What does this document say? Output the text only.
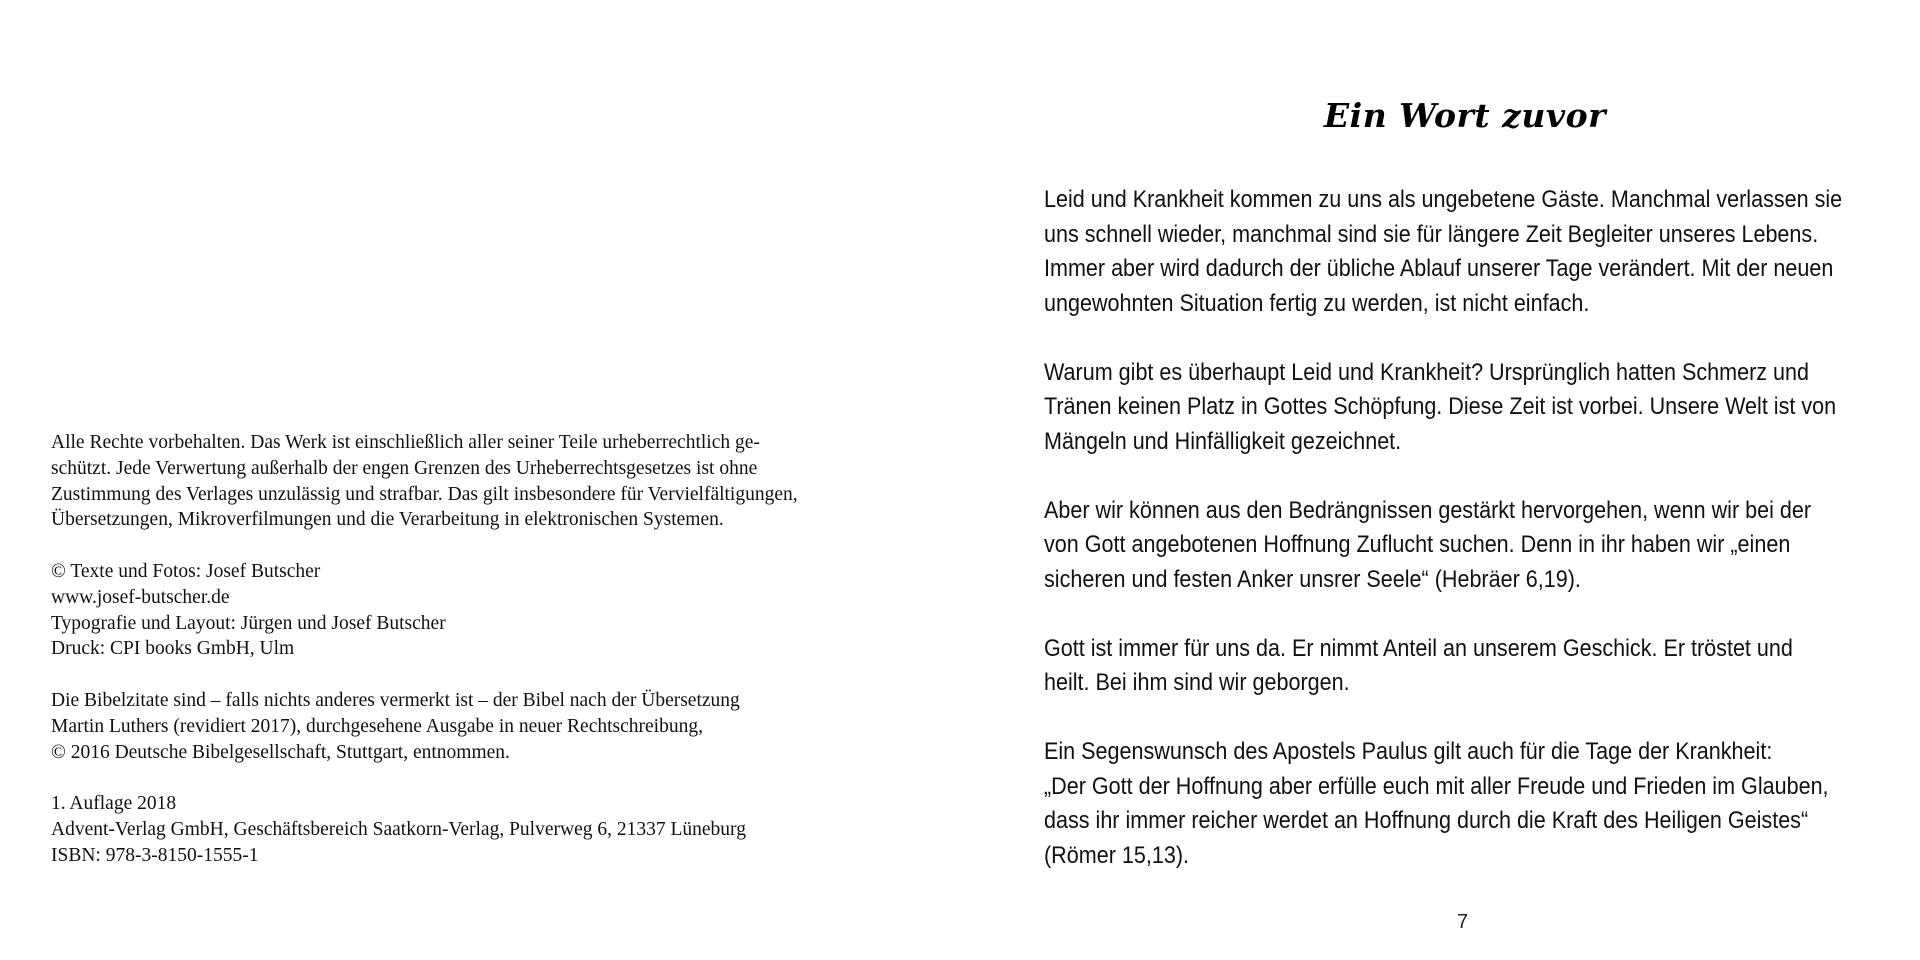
Alle Rechte vorbehalten. Das Werk ist einschließlich aller seiner Teile urheberrechtlich ge-
schützt. Jede Verwertung außerhalb der engen Grenzen des Urheberrechtsgesetzes ist ohne
Zustimmung des Verlages unzulässig und strafbar. Das gilt insbesondere für Vervielfältigungen,
Übersetzungen, Mikroverfilmungen und die Verarbeitung in elektronischen Systemen.

© Texte und Fotos: Josef Butscher
www.josef-butscher.de
Typografie und Layout: Jürgen und Josef Butscher
Druck: CPI books GmbH, Ulm

Die Bibelzitate sind – falls nichts anderes vermerkt ist – der Bibel nach der Übersetzung
Martin Luthers (revidiert 2017), durchgesehene Ausgabe in neuer Rechtschreibung,
© 2016 Deutsche Bibelgesellschaft, Stuttgart, entnommen.

1. Auflage 2018
Advent-Verlag GmbH, Geschäftsbereich Saatkorn-Verlag, Pulverweg 6, 21337 Lüneburg
ISBN: 978-3-8150-1555-1

Ein Wort zuvor

Leid und Krankheit kommen zu uns als ungebetene Gäste. Manchmal verlassen sie
uns schnell wieder, manchmal sind sie für längere Zeit Begleiter unseres Lebens.
Immer aber wird dadurch der übliche Ablauf unserer Tage verändert. Mit der neuen
ungewohnten Situation fertig zu werden, ist nicht einfach.

Warum gibt es überhaupt Leid und Krankheit? Ursprünglich hatten Schmerz und
Tränen keinen Platz in Gottes Schöpfung. Diese Zeit ist vorbei. Unsere Welt ist von
Mängeln und Hinfälligkeit gezeichnet.

Aber wir können aus den Bedrängnissen gestärkt hervorgehen, wenn wir bei der
von Gott angebotenen Hoffnung Zuflucht suchen. Denn in ihr haben wir „einen
sicheren und festen Anker unsrer Seele“ (Hebräer 6,19).

Gott ist immer für uns da. Er nimmt Anteil an unserem Geschick. Er tröstet und
heilt. Bei ihm sind wir geborgen.

Ein Segenswunsch des Apostels Paulus gilt auch für die Tage der Krankheit:
„Der Gott der Hoffnung aber erfülle euch mit aller Freude und Frieden im Glauben,
dass ihr immer reicher werdet an Hoffnung durch die Kraft des Heiligen Geistes“
(Römer 15,13).

7
